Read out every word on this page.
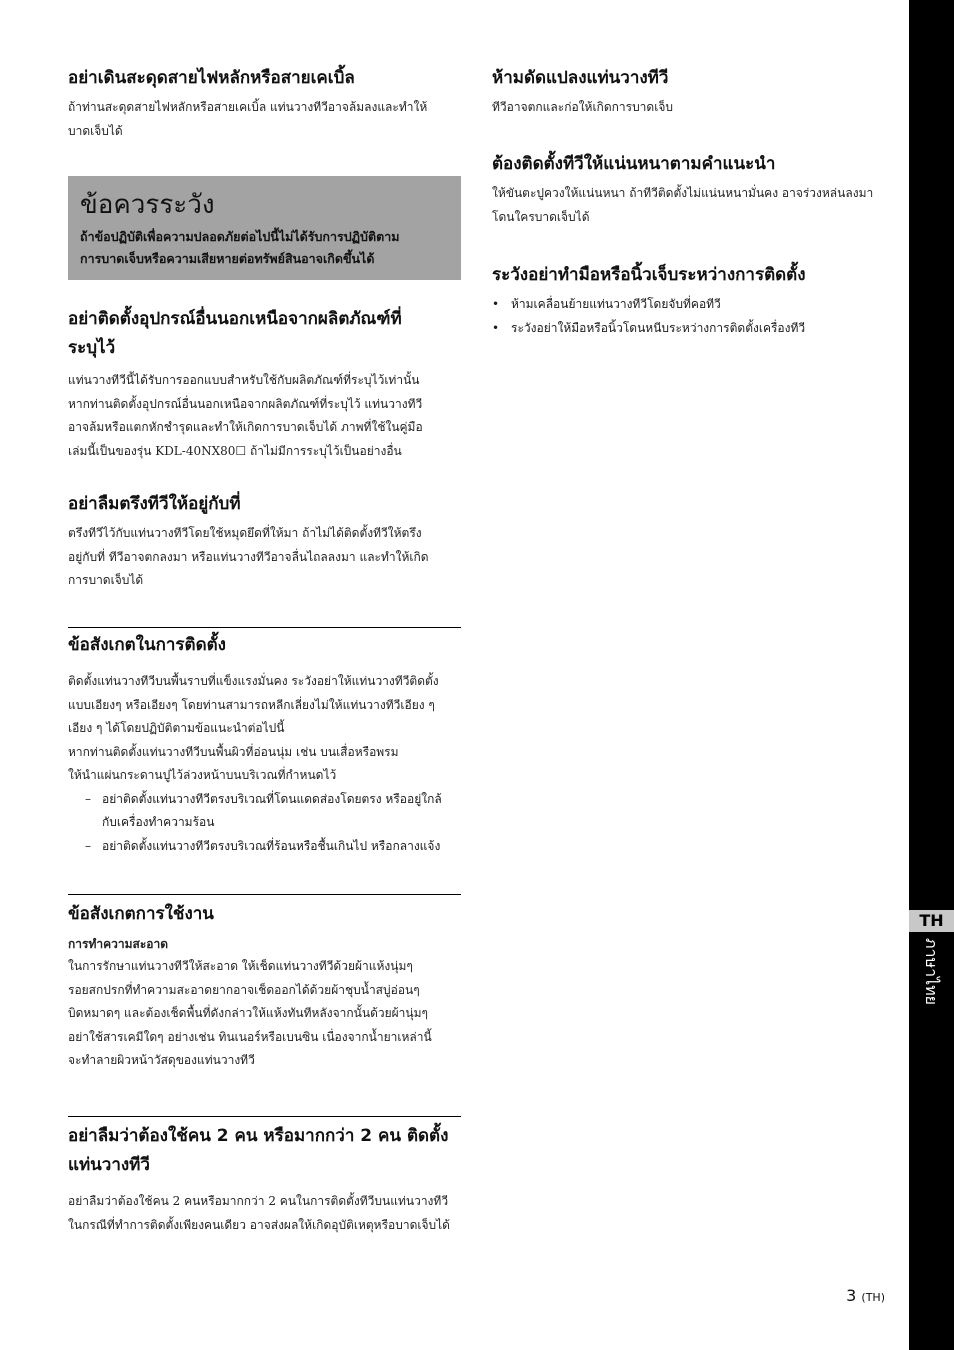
อย่าเดินสะดุดสายไฟหลักหรือสายเคเบิ้ล

ถ้าท่านสะดุดสายไฟหลักหรือสายเคเบิ้ล แท่นวางทีวีอาจล้มลงและทำให้

บาดเจ็บได้

อย่าติดตั้งอุปกรณ์อื่นนอกเหนือจากผลิตภัณฑ์ที่
ระบุไว้

แท่นวางทีวีนี้ได้รับการออกแบบสำหรับใช้กับผลิตภัณฑ์ที่ระบุไว้เท่านั้น

หากท่านติดตั้งอุปกรณ์อื่นนอกเหนือจากผลิตภัณฑ์ที่ระบุไว้ แท่นวางทีวี

อาจล้มหรือแตกหักชำรุดและทำให้เกิดการบาดเจ็บได้ ภาพที่ใช้ในคู่มือ

เล่มนี้เป็นของรุ่น KDL-40NX80☐ ถ้าไม่มีการระบุไว้เป็นอย่างอื่น

อย่าลืมตรึงทีวีให้อยู่กับที่

ตรึงทีวีไว้กับแท่นวางทีวีโดยใช้หมุดยึดที่ให้มา ถ้าไม่ได้ติดตั้งทีวีให้ตรึง

อยู่กับที่ ทีวีอาจตกลงมา หรือแท่นวางทีวีอาจลื่นไถลลงมา และทำให้เกิด

การบาดเจ็บได้

ข้อสังเกตในการติดตั้ง

ติดตั้งแท่นวางทีวีบนพื้นราบที่แข็งแรงมั่นคง ระวังอย่าให้แท่นวางทีวีติดตั้ง

แบบเอียงๆ หรือเอียงๆ โดยท่านสามารถหลีกเลี่ยงไม่ให้แท่นวางทีวีเอียง ๆ

เอียง ๆ ได้โดยปฏิบัติตามข้อแนะนำต่อไปนี้

หากท่านติดตั้งแท่นวางทีวีบนพื้นผิวที่อ่อนนุ่ม เช่น บนเสื่อหรือพรม

ให้นำแผ่นกระดานปูไว้ล่วงหน้าบนบริเวณที่กำหนดไว้

– อย่าติดตั้งแท่นวางทีวีตรงบริเวณที่โดนแดดส่องโดยตรง หรืออยู่ใกล้
กับเครื่องทำความร้อน
– อย่าติดตั้งแท่นวางทีวีตรงบริเวณที่ร้อนหรือชื้นเกินไป หรือกลางแจ้ง
ข้อสังเกตการใช้งาน

การทำความสะอาด

ในการรักษาแท่นวางทีวีให้สะอาด ให้เช็ดแท่นวางทีวีด้วยผ้าแห้งนุ่มๆ

รอยสกปรกที่ทำความสะอาดยากอาจเช็ดออกได้ด้วยผ้าชุบน้ำสบู่อ่อนๆ

บิดหมาดๆ และต้องเช็ดพื้นที่ดังกล่าวให้แห้งทันทีหลังจากนั้นด้วยผ้านุ่มๆ

อย่าใช้สารเคมีใดๆ อย่างเช่น ทินเนอร์หรือเบนซิน เนื่องจากน้ำยาเหล่านี้

จะทำลายผิวหน้าวัสดุของแท่นวางทีวี

อย่าลืมว่าต้องใช้คน 2 คน หรือมากกว่า 2 คน ติดตั้ง
แท่นวางทีวี

อย่าลืมว่าต้องใช้คน 2 คนหรือมากกว่า 2 คนในการติดตั้งทีวีบนแท่นวางทีวี

ในกรณีที่ทำการติดตั้งเพียงคนเดียว อาจส่งผลให้เกิดอุบัติเหตุหรือบาดเจ็บได้

ข้อควรระวัง

ถ้าข้อปฏิบัติเพื่อความปลอดภัยต่อไปนี้ไม่ได้รับการปฏิบัติตาม

การบาดเจ็บหรือความเสียหายต่อทรัพย์สินอาจเกิดขึ้นได้

ห้ามดัดแปลงแท่นวางทีวี

ทีวีอาจตกและก่อให้เกิดการบาดเจ็บ

ต้องติดตั้งทีวีให้แน่นหนาตามคำแนะนำ

ให้ขันตะปูควงให้แน่นหนา ถ้าทีวีติดตั้งไม่แน่นหนามั่นคง อาจร่วงหล่นลงมา

โดนใครบาดเจ็บได้

ระวังอย่าทำมือหรือนิ้วเจ็บระหว่างการติดตั้ง
• ห้ามเคลื่อนย้ายแท่นวางทีวีโดยจับที่คอทีวี
• ระวังอย่าให้มือหรือนิ้วโดนหนีบระหว่างการติดตั้งเครื่องทีวี
TH
ภาษาไทย
3 (TH)
